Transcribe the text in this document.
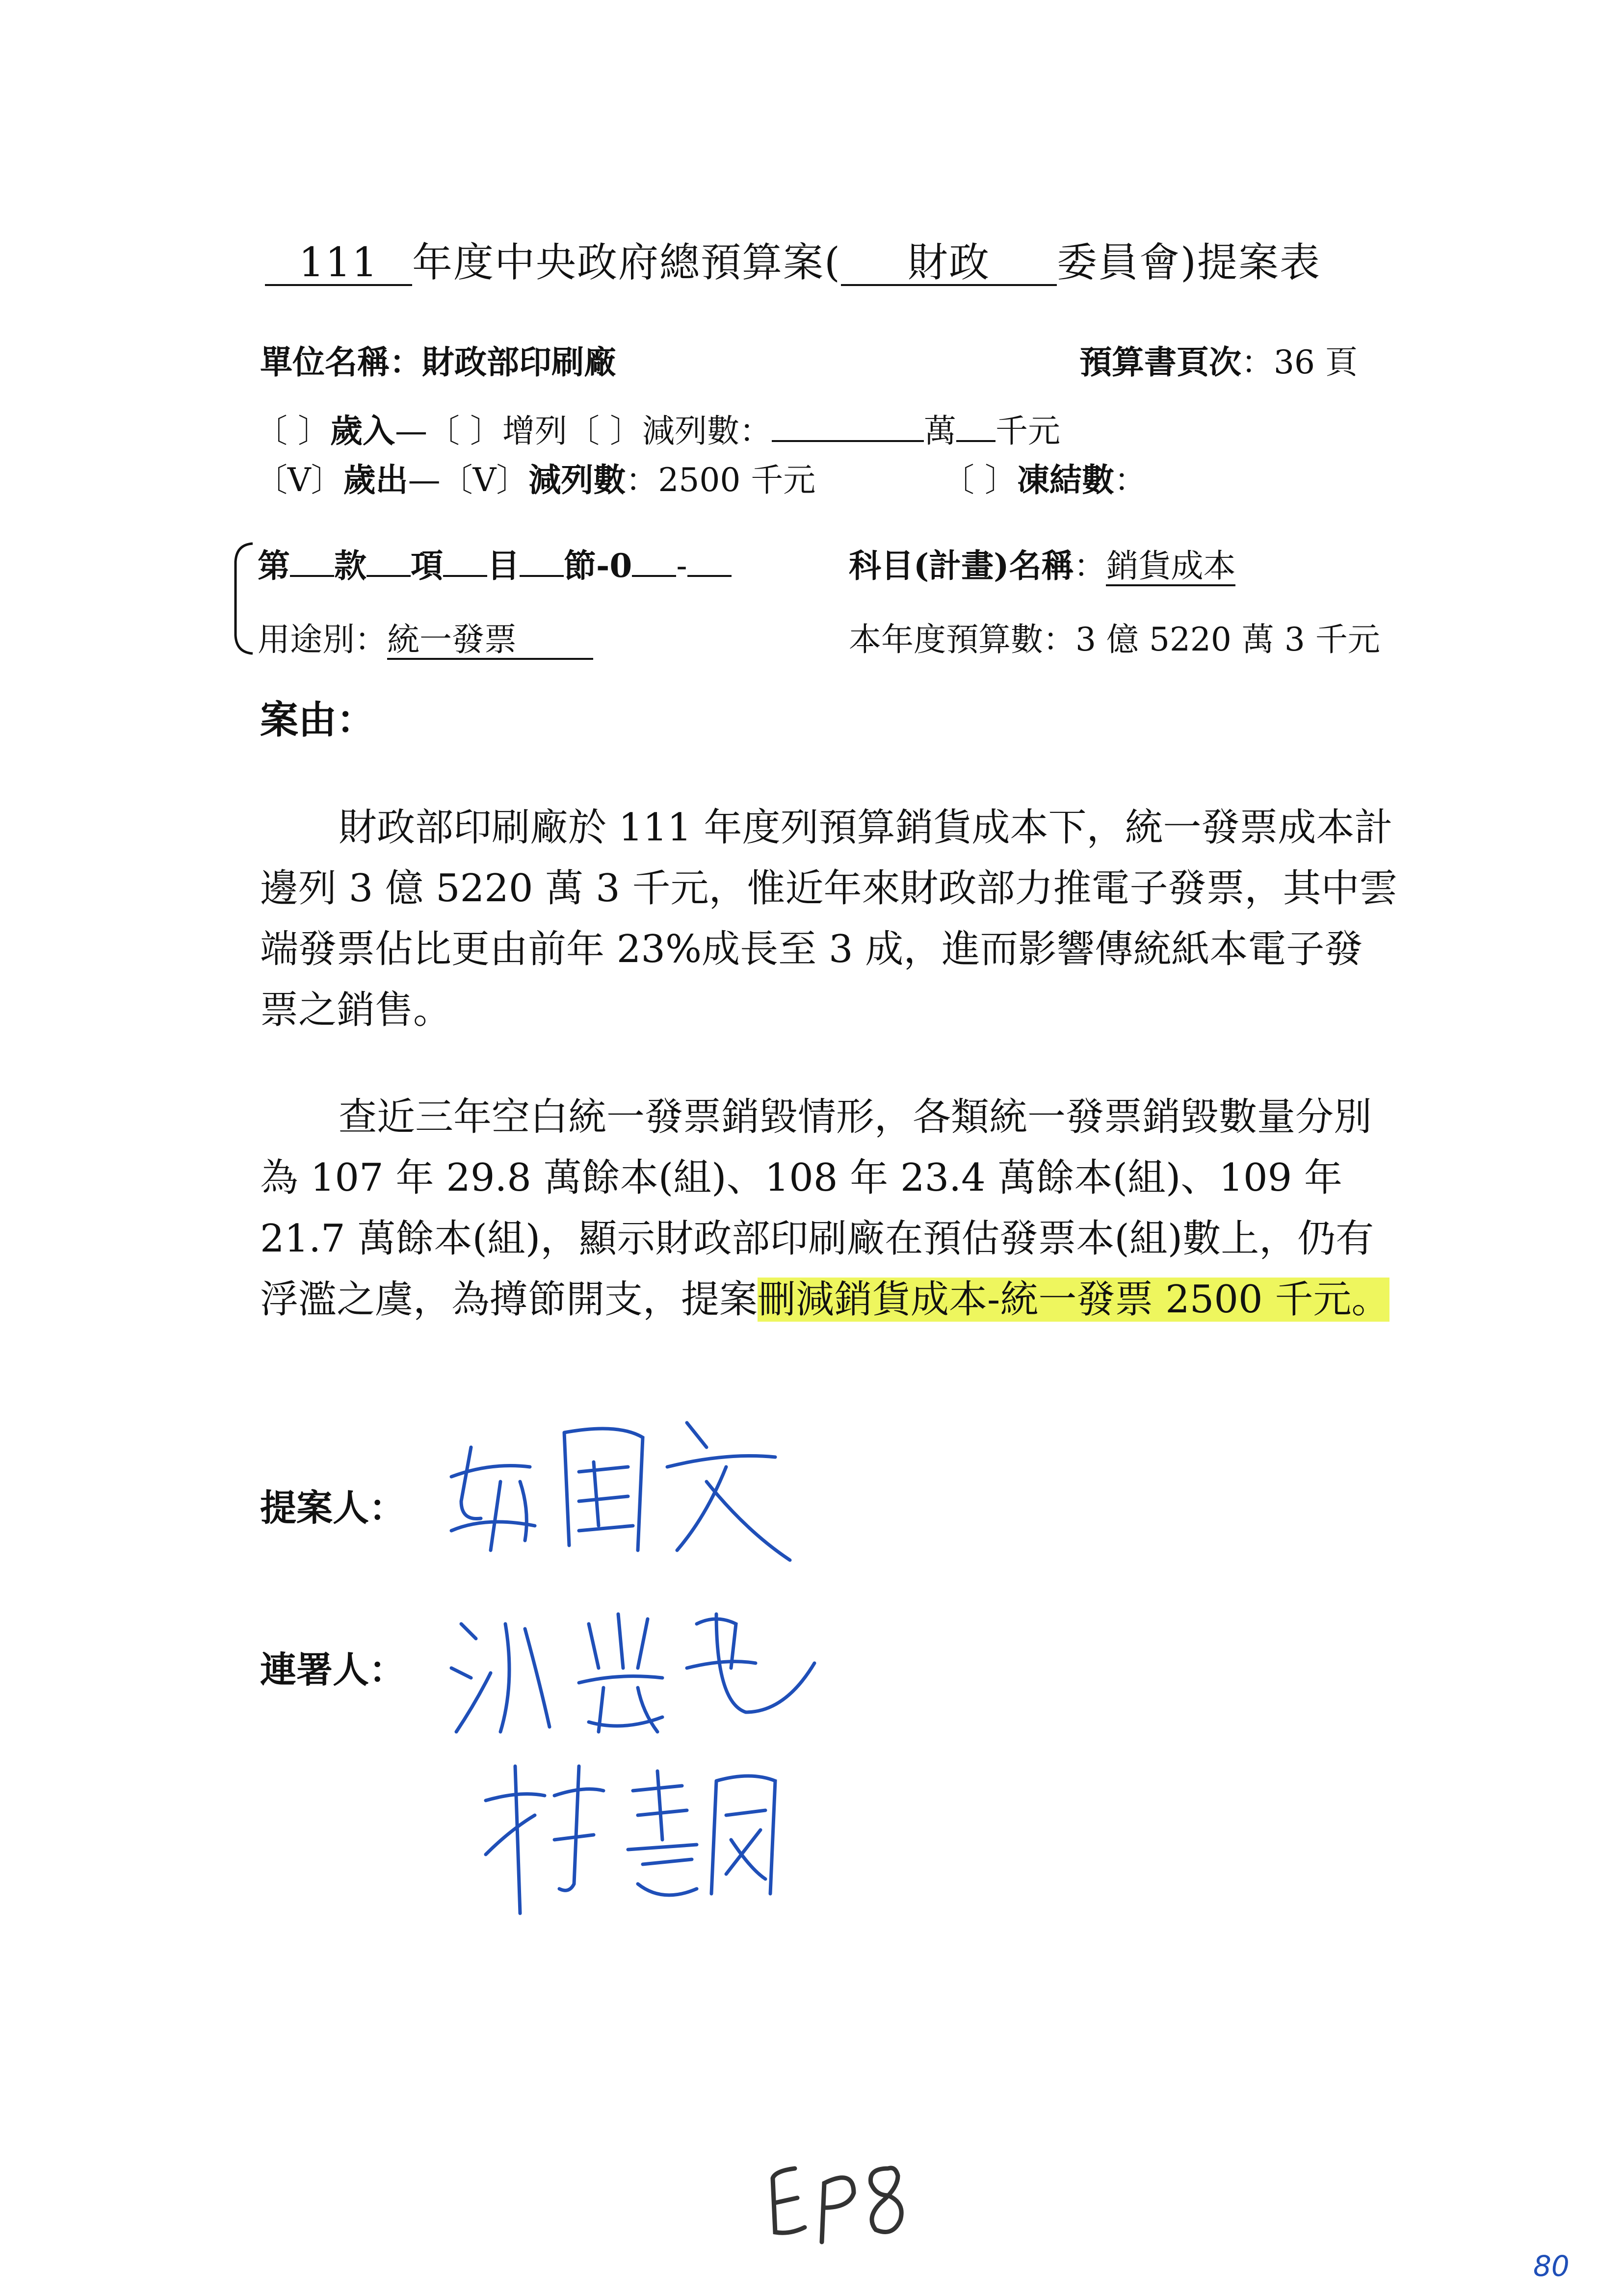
111 年度中央政府總預算案( 財政 委員會)提案表
單位名稱：財政部印刷廠	預算書頁次：36 頁
〔 〕歲入—〔 〕增列〔 〕減列數：	萬 千元
〔V〕歲出—〔V〕減列數：2500 千元	〔 〕凍結數：
第 款 項 目 節-0 -	科目(計畫)名稱：銷貨成本
用途別：統一發票	本年度預算數：3 億 5220 萬 3 千元
案由：

財政部印刷廠於 111 年度列預算銷貨成本下，統一發票成本計邊列 3 億 5220 萬 3 千元，惟近年來財政部力推電子發票，其中雲端發票佔比更由前年 23%成長至 3 成，進而影響傳統紙本電子發票之銷售。

查近三年空白統一發票銷毀情形，各類統一發票銷毀數量分別為 107 年 29.8 萬餘本(組)、108 年 23.4 萬餘本(組)、109 年 21.7 萬餘本(組)，顯示財政部印刷廠在預估發票本(組)數上，仍有浮濫之虞，為撙節開支，提案刪減銷貨成本-統一發票 2500 千元。

提案人：
連署人：
80
